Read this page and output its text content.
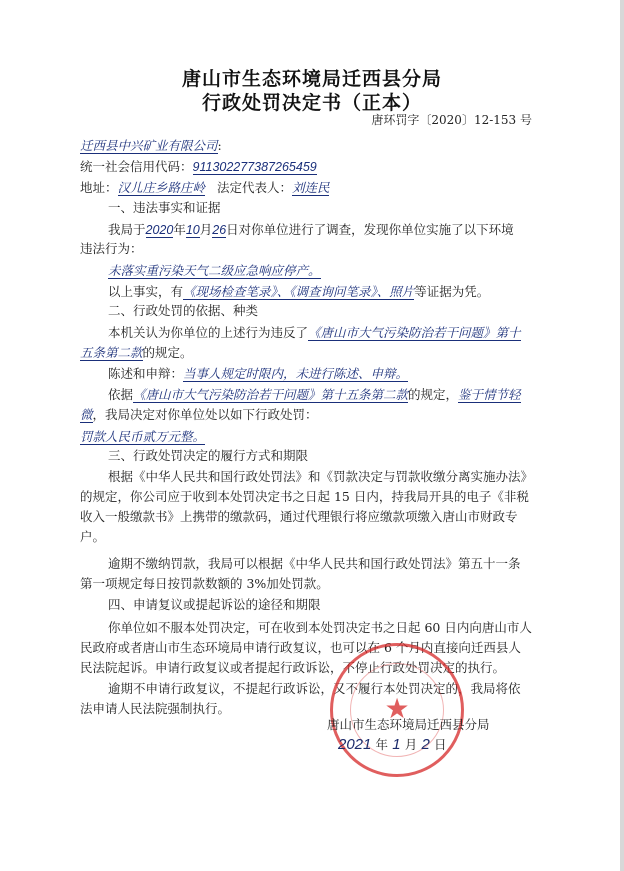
唐山市生态环境局迁西县分局
行政处罚决定书（正本）
唐环罚字〔2020〕12-153 号
迁西县中兴矿业有限公司:
统一社会信用代码：911302277387265459
地址：汉儿庄乡路庄岭 法定代表人：刘连民
一、违法事实和证据
我局于2020年10月26日对你单位进行了调查，发现你单位实施了以下环境
违法行为：
未落实重污染天气二级应急响应停产。
以上事实，有《现场检查笔录》、《调查询问笔录》、照片等证据为凭。
二、行政处罚的依据、种类
本机关认为你单位的上述行为违反了《唐山市大气污染防治若干问题》第十
五条第二款的规定。
陈述和申辩：当事人规定时限内，未进行陈述、申辩。
依据《唐山市大气污染防治若干问题》第十五条第二款的规定，鉴于情节轻
微，我局决定对你单位处以如下行政处罚：
罚款人民币贰万元整。
三、行政处罚决定的履行方式和期限
根据《中华人民共和国行政处罚法》和《罚款决定与罚款收缴分离实施办法》
的规定，你公司应于收到本处罚决定书之日起 15 日内，持我局开具的电子《非税
收入一般缴款书》上携带的缴款码，通过代理银行将应缴款项缴入唐山市财政专
户。
逾期不缴纳罚款，我局可以根据《中华人民共和国行政处罚法》第五十一条
第一项规定每日按罚款数额的 3%加处罚款。
四、申请复议或提起诉讼的途径和期限
你单位如不服本处罚决定，可在收到本处罚决定书之日起 60 日内向唐山市人
民政府或者唐山市生态环境局申请行政复议，也可以在 6 个月内直接向迁西县人
民法院起诉。申请行政复议或者提起行政诉讼，不停止行政处罚决定的执行。
逾期不申请行政复议，不提起行政诉讼，又不履行本处罚决定的，我局将依
法申请人民法院强制执行。	★
唐山市生态环境局迁西县分局
2021 年 1 月 2 日
